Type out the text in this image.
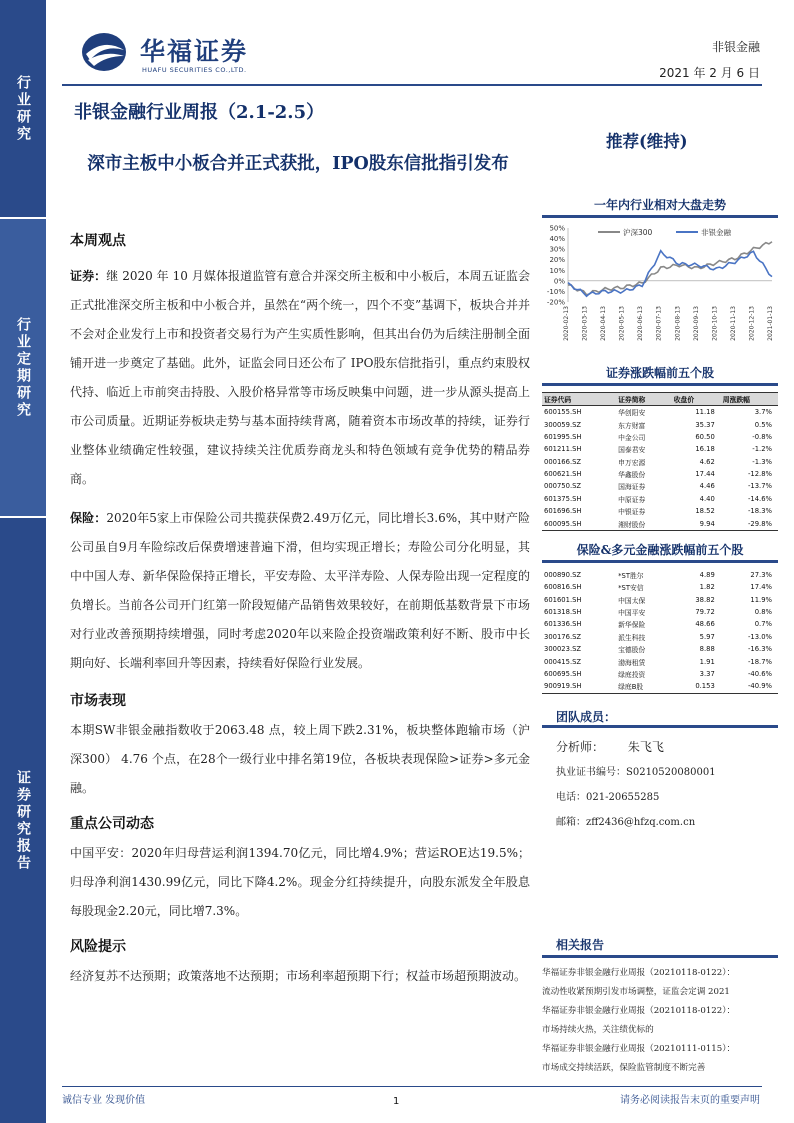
行业研究
行业定期研究
证券研究报告
华福证券
HUAFU SECURITIES CO.,LTD.
非银金融
2021 年 2 月 6 日
非银金融行业周报（2.1-2.5）
深市主板中小板合并正式获批，IPO股东信批指引发布
推荐(维持)
本周观点

证券：继 2020 年 10 月媒体报道监管有意合并深交所主板和中小板后，本周五证监会正式批准深交所主板和中小板合并，虽然在“两个统一，四个不变”基调下，板块合并并不会对企业发行上市和投资者交易行为产生实质性影响，但其出台仍为后续注册制全面铺开进一步奠定了基础。此外，证监会同日还公布了 IPO股东信批指引，重点约束股权代持、临近上市前突击持股、入股价格异常等市场反映集中问题，进一步从源头提高上市公司质量。近期证券板块走势与基本面持续背离，随着资本市场改革的持续，证券行业整体业绩确定性较强，建议持续关注优质券商龙头和特色领域有竞争优势的精品券商。

保险：2020年5家上市保险公司共揽获保费2.49万亿元，同比增长3.6%，其中财产险公司虽自9月车险综改后保费增速普遍下滑，但均实现正增长；寿险公司分化明显，其中中国人寿、新华保险保持正增长，平安寿险、太平洋寿险、人保寿险出现一定程度的负增长。当前各公司开门红第一阶段短储产品销售效果较好，在前期低基数背景下市场对行业改善预期持续增强，同时考虑2020年以来险企投资端政策利好不断、股市中长期向好、长端利率回升等因素，持续看好保险行业发展。

市场表现

本期SW非银金融指数收于2063.48 点，较上周下跌2.31%，板块整体跑输市场（沪深300） 4.76 个点，在28个一级行业中排名第19位，各板块表现保险>证券>多元金融。

重点公司动态

中国平安：2020年归母营运利润1394.70亿元，同比增4.9%；营运ROE达19.5%；归母净利润1430.99亿元，同比下降4.2%。现金分红持续提升，向股东派发全年股息每股现金2.20元，同比增7.3%。

风险提示

经济复苏不达预期；政策落地不达预期；市场利率超预期下行；权益市场超预期波动。

一年内行业相对大盘走势
50%
40%
30%
20%
10%
0%
-10%
-20%
2020-02-13 2020-03-13 2020-04-13 2020-05-13 2020-06-13 2020-07-13 2020-08-13 2020-09-13 2020-10-13 2020-11-13 2020-12-13 2021-01-13
沪深300	非银金融
证券涨跌幅前五个股
证券代码	证券简称	收盘价	周涨跌幅
600155.SH	华创阳安	11.18	3.7%
300059.SZ	东方财富	35.37	0.5%
601995.SH	中金公司	60.50	-0.8%
601211.SH	国泰君安	16.18	-1.2%
000166.SZ	申万宏源	4.62	-1.3%
600621.SH	华鑫股份	17.44	-12.8%
000750.SZ	国海证券	4.46	-13.7%
601375.SH	中原证券	4.40	-14.6%
601696.SH	中银证券	18.52	-18.3%
600095.SH	湘财股份	9.94	-29.8%
保险&多元金融涨跌幅前五个股
000890.SZ	*ST胜尔	4.89	27.3%
600816.SH	*ST安信	1.82	17.4%
601601.SH	中国太保	38.82	11.9%
601318.SH	中国平安	79.72	0.8%
601336.SH	新华保险	48.66	0.7%
300176.SZ	派生科技	5.97	-13.0%
300023.SZ	宝德股份	8.88	-16.3%
000415.SZ	渤海租赁	1.91	-18.7%
600695.SH	绿庭投资	3.37	-40.6%
900919.SH	绿庭B股	0.153	-40.9%
团队成员：
分析师： 朱飞飞
执业证书编号：S0210520080001
电话：021-20655285
邮箱：zff2436@hfzq.com.cn
相关报告
华福证券非银金融行业周报（20210118-0122）：
流动性收紧预期引发市场调整，证监会定调 2021
华福证券非银金融行业周报（20210118-0122）：
市场持续火热，关注绩优标的
华福证券非银金融行业周报（20210111-0115）：
市场成交持续活跃，保险监管制度不断完善
诚信专业 发现价值	1	请务必阅读报告末页的重要声明
